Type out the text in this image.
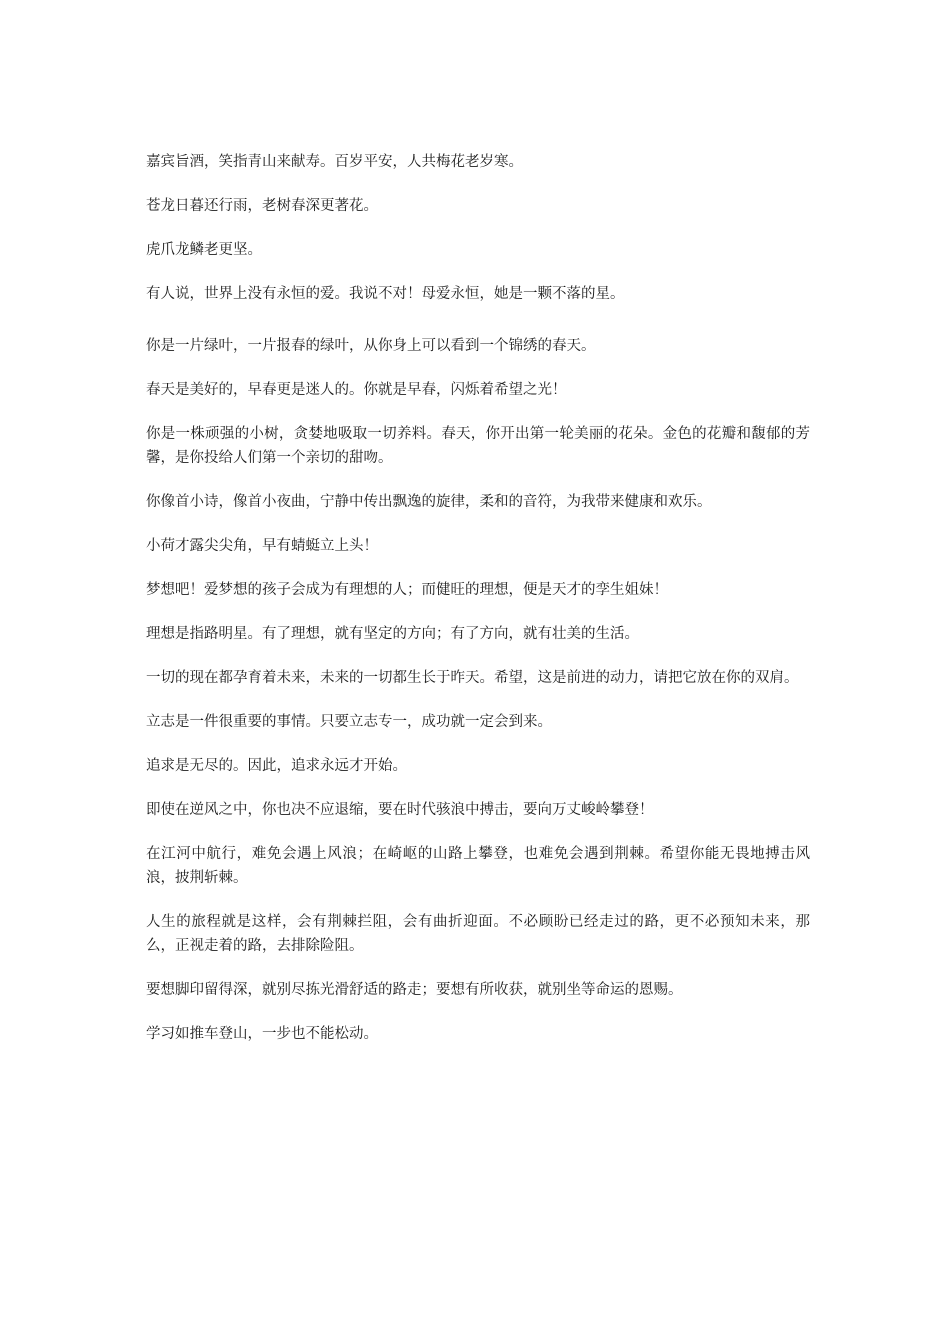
嘉宾旨酒，笑指青山来献寿。百岁平安，人共梅花老岁寒。

苍龙日暮还行雨，老树春深更著花。

虎爪龙鳞老更坚。

有人说，世界上没有永恒的爱。我说不对！母爱永恒，她是一颗不落的星。

你是一片绿叶，一片报春的绿叶，从你身上可以看到一个锦绣的春天。

春天是美好的，早春更是迷人的。你就是早春，闪烁着希望之光！

你是一株顽强的小树，贪婪地吸取一切养料。春天，你开出第一轮美丽的花朵。金色的花瓣和馥郁的芳馨，是你投给人们第一个亲切的甜吻。

你像首小诗，像首小夜曲，宁静中传出飘逸的旋律，柔和的音符，为我带来健康和欢乐。

小荷才露尖尖角，早有蜻蜓立上头！

梦想吧！爱梦想的孩子会成为有理想的人；而健旺的理想，便是天才的孪生姐妹！

理想是指路明星。有了理想，就有坚定的方向；有了方向，就有壮美的生活。

一切的现在都孕育着未来，未来的一切都生长于昨天。希望，这是前进的动力，请把它放在你的双肩。

立志是一件很重要的事情。只要立志专一，成功就一定会到来。

追求是无尽的。因此，追求永远才开始。

即使在逆风之中，你也决不应退缩，要在时代骇浪中搏击，要向万丈峻岭攀登！

在江河中航行，难免会遇上风浪；在崎岖的山路上攀登，也难免会遇到荆棘。希望你能无畏地搏击风浪，披荆斩棘。

人生的旅程就是这样，会有荆棘拦阻，会有曲折迎面。不必顾盼已经走过的路，更不必预知未来，那么，正视走着的路，去排除险阻。

要想脚印留得深，就别尽拣光滑舒适的路走；要想有所收获，就别坐等命运的恩赐。

学习如推车登山，一步也不能松动。
